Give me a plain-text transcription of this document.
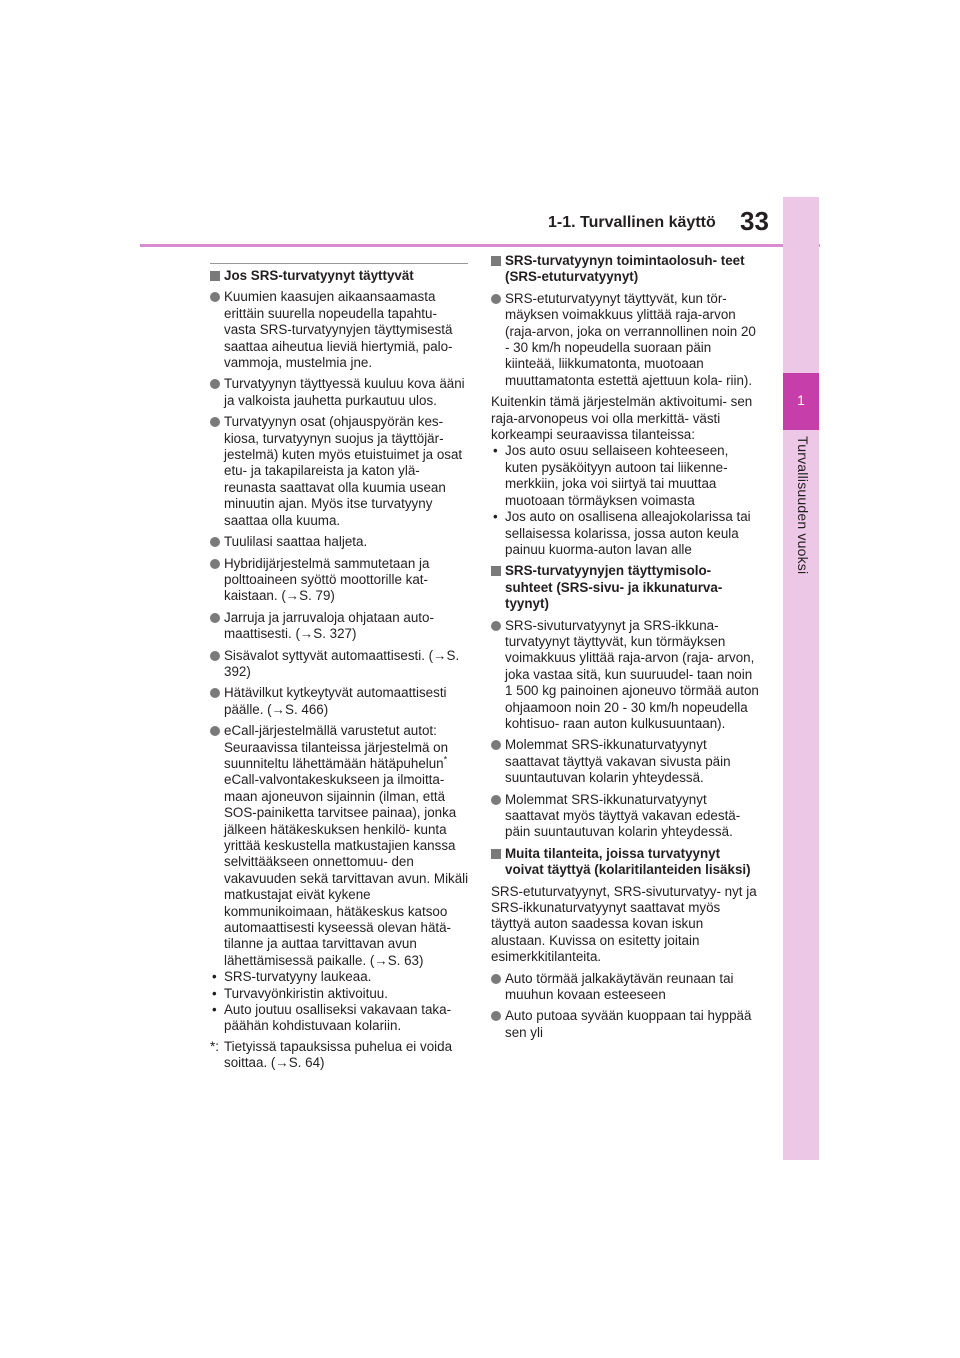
1-1. Turvallinen käyttö 33
1
Turvallisuuden vuoksi
Jos SRS-turvatyynyt täyttyvät
Kuumien kaasujen aikaansaamasta erittäin suurella nopeudella tapahtu- vasta SRS-turvatyynyjen täyttymisestä saattaa aiheutua lieviä hiertymiä, palo- vammoja, mustelmia jne.
Turvatyynyn täyttyessä kuuluu kova ääni ja valkoista jauhetta purkautuu ulos.
Turvatyynyn osat (ohjauspyörän kes- kiosa, turvatyynyn suojus ja täyttöjär- jestelmä) kuten myös etuistuimet ja osat etu- ja takapilareista ja katon ylä- reunasta saattavat olla kuumia usean minuutin ajan. Myös itse turvatyyny saattaa olla kuuma.
Tuulilasi saattaa haljeta.
Hybridijärjestelmä sammutetaan ja polttoaineen syöttö moottorille kat- kaistaan. (→S. 79)
Jarruja ja jarruvaloja ohjataan auto- maattisesti. (→S. 327)
Sisävalot syttyvät automaattisesti. (→S. 392)
Hätävilkut kytkeytyvät automaattisesti päälle. (→S. 466)
eCall-järjestelmällä varustetut autot: Seuraavissa tilanteissa järjestelmä on suunniteltu lähettämään hätäpuhelun* eCall-valvontakeskukseen ja ilmoitta- maan ajoneuvon sijainnin (ilman, että SOS-painiketta tarvitsee painaa), jonka jälkeen hätäkeskuksen henkilö- kunta yrittää keskustella matkustajien kanssa selvittääkseen onnettomuu- den vakavuuden sekä tarvittavan avun. Mikäli matkustajat eivät kykene kommunikoimaan, hätäkeskus katsoo automaattisesti kyseessä olevan hätä- tilanne ja auttaa tarvittavan avun lähettämisessä paikalle. (→S. 63)
• SRS-turvatyyny laukeaa.
• Turvavyönkiristin aktivoituu.
• Auto joutuu osalliseksi vakavaan taka- päähän kohdistuvaan kolariin.
*: Tietyissä tapauksissa puhelua ei voida soittaa. (→S. 64)
SRS-turvatyynyn toimintaolosuh- teet (SRS-etuturvatyynyt)
SRS-etuturvatyynyt täyttyvät, kun tör- mäyksen voimakkuus ylittää raja-arvon (raja-arvon, joka on verrannollinen noin 20 - 30 km/h nopeudella suoraan päin kiinteää, liikkumatonta, muotoaan muuttamatonta estettä ajettuun kola- riin).
Kuitenkin tämä järjestelmän aktivoitumi- sen raja-arvonopeus voi olla merkittä- västi korkeampi seuraavissa tilanteissa:
• Jos auto osuu sellaiseen kohteeseen, kuten pysäköityyn autoon tai liikenne- merkkiin, joka voi siirtyä tai muuttaa muotoaan törmäyksen voimasta
• Jos auto on osallisena alleajokolarissa tai sellaisessa kolarissa, jossa auton keula painuu kuorma-auton lavan alle
SRS-turvatyynyjen täyttymisolo- suhteet (SRS-sivu- ja ikkunaturva- tyynyt)
SRS-sivuturvatyynyt ja SRS-ikkuna- turvatyynyt täyttyvät, kun törmäyksen voimakkuus ylittää raja-arvon (raja- arvon, joka vastaa sitä, kun suuruudel- taan noin 1 500 kg painoinen ajoneuvo törmää auton ohjaamoon noin 20 - 30 km/h nopeudella kohtisuo- raan auton kulkusuuntaan).
Molemmat SRS-ikkunaturvatyynyt saattavat täyttyä vakavan sivusta päin suuntautuvan kolarin yhteydessä.
Molemmat SRS-ikkunaturvatyynyt saattavat myös täyttyä vakavan edestä- päin suuntautuvan kolarin yhteydessä.
Muita tilanteita, joissa turvatyynyt voivat täyttyä (kolaritilanteiden lisäksi)
SRS-etuturvatyynyt, SRS-sivuturvatyy- nyt ja SRS-ikkunaturvatyynyt saattavat myös täyttyä auton saadessa kovan iskun alustaan. Kuvissa on esitetty joitain esimerkkitilanteita.
Auto törmää jalkakäytävän reunaan tai muuhun kovaan esteeseen
Auto putoaa syvään kuoppaan tai hyppää sen yli
